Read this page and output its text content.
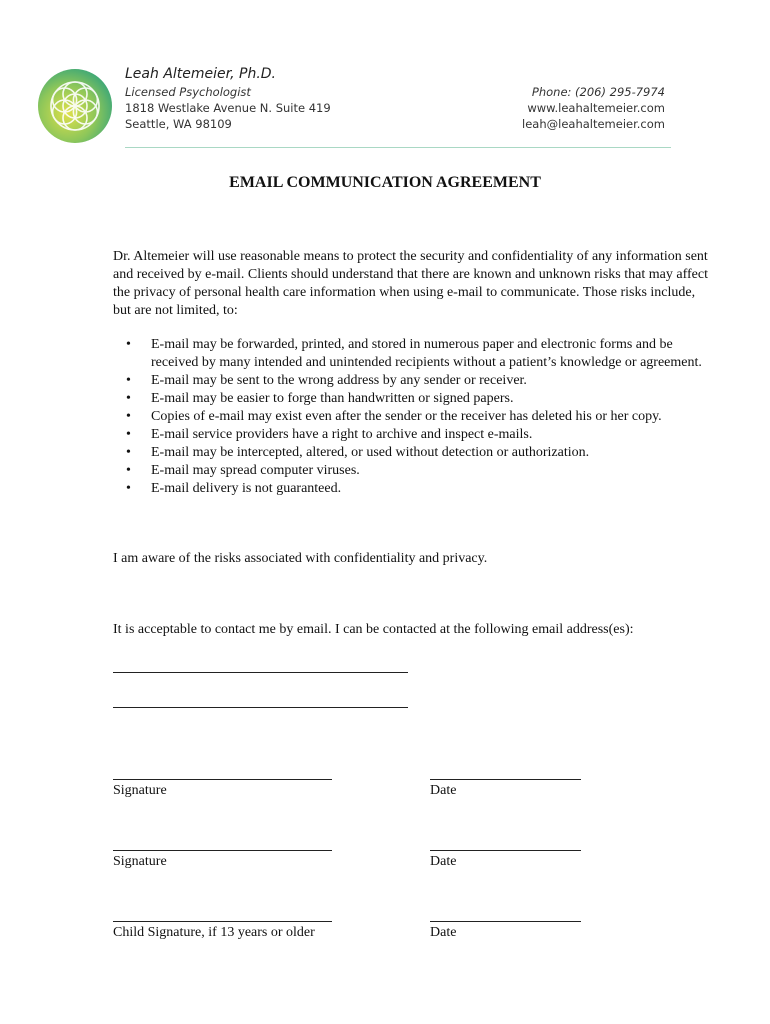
Leah Altemeier, Ph.D.
Licensed Psychologist
1818 Westlake Avenue N. Suite 419
Seattle, WA 98109
Phone: (206) 295-7974
www.leahaltemeier.com
leah@leahaltemeier.com
EMAIL COMMUNICATION AGREEMENT

Dr. Altemeier will use reasonable means to protect the security and confidentiality of any information sent and received by e-mail. Clients should understand that there are known and unknown risks that may affect the privacy of personal health care information when using e-mail to communicate. Those risks include, but are not limited, to:

• E-mail may be forwarded, printed, and stored in numerous paper and electronic forms and be received by many intended and unintended recipients without a patient’s knowledge or agreement.
• E-mail may be sent to the wrong address by any sender or receiver.
• E-mail may be easier to forge than handwritten or signed papers.
• Copies of e-mail may exist even after the sender or the receiver has deleted his or her copy.
• E-mail service providers have a right to archive and inspect e-mails.
• E-mail may be intercepted, altered, or used without detection or authorization.
• E-mail may spread computer viruses.
• E-mail delivery is not guaranteed.

I am aware of the risks associated with confidentiality and privacy.

It is acceptable to contact me by email. I can be contacted at the following email address(es):

Signature	Date
Signature	Date
Child Signature, if 13 years or older	Date
